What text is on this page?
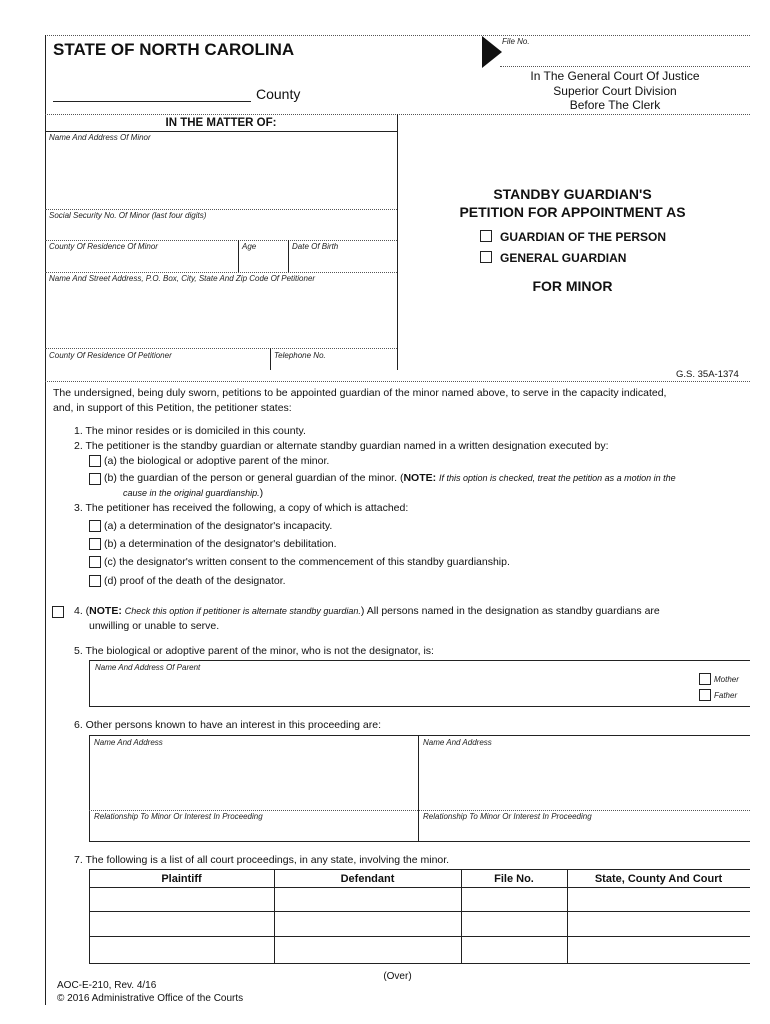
STATE OF NORTH CAROLINA	File No.
County
In The General Court Of Justice
Superior Court Division
Before The Clerk
IN THE MATTER OF:
Name And Address Of Minor
Social Security No. Of Minor (last four digits)
County Of Residence Of Minor	Age	Date Of Birth
Name And Street Address, P.O. Box, City, State And Zip Code Of Petitioner
County Of Residence Of Petitioner	Telephone No.
STANDBY GUARDIAN'S
PETITION FOR APPOINTMENT AS
GUARDIAN OF THE PERSON
GENERAL GUARDIAN
FOR MINOR
G.S. 35A-1374
The undersigned, being duly sworn, petitions to be appointed guardian of the minor named above, to serve in the capacity indicated,
and, in support of this Petition, the petitioner states:
1. The minor resides or is domiciled in this county.
2. The petitioner is the standby guardian or alternate standby guardian named in a written designation executed by:
(a) the biological or adoptive parent of the minor.
(b) the guardian of the person or general guardian of the minor. (NOTE: If this option is checked, treat the petition as a motion in the
cause in the original guardianship.)
3. The petitioner has received the following, a copy of which is attached:
(a) a determination of the designator's incapacity.
(b) a determination of the designator's debilitation.
(c) the designator's written consent to the commencement of this standby guardianship.
(d) proof of the death of the designator.
4. (NOTE: Check this option if petitioner is alternate standby guardian.) All persons named in the designation as standby guardians are
unwilling or unable to serve.
5. The biological or adoptive parent of the minor, who is not the designator, is:
Name And Address Of Parent
Mother
Father
6. Other persons known to have an interest in this proceeding are:
Name And Address	Name And Address
Relationship To Minor Or Interest In Proceeding	Relationship To Minor Or Interest In Proceeding
7. The following is a list of all court proceedings, in any state, involving the minor.
Plaintiff	Defendant	File No.	State, County And Court
(Over)
AOC-E-210, Rev. 4/16
© 2016 Administrative Office of the Courts
